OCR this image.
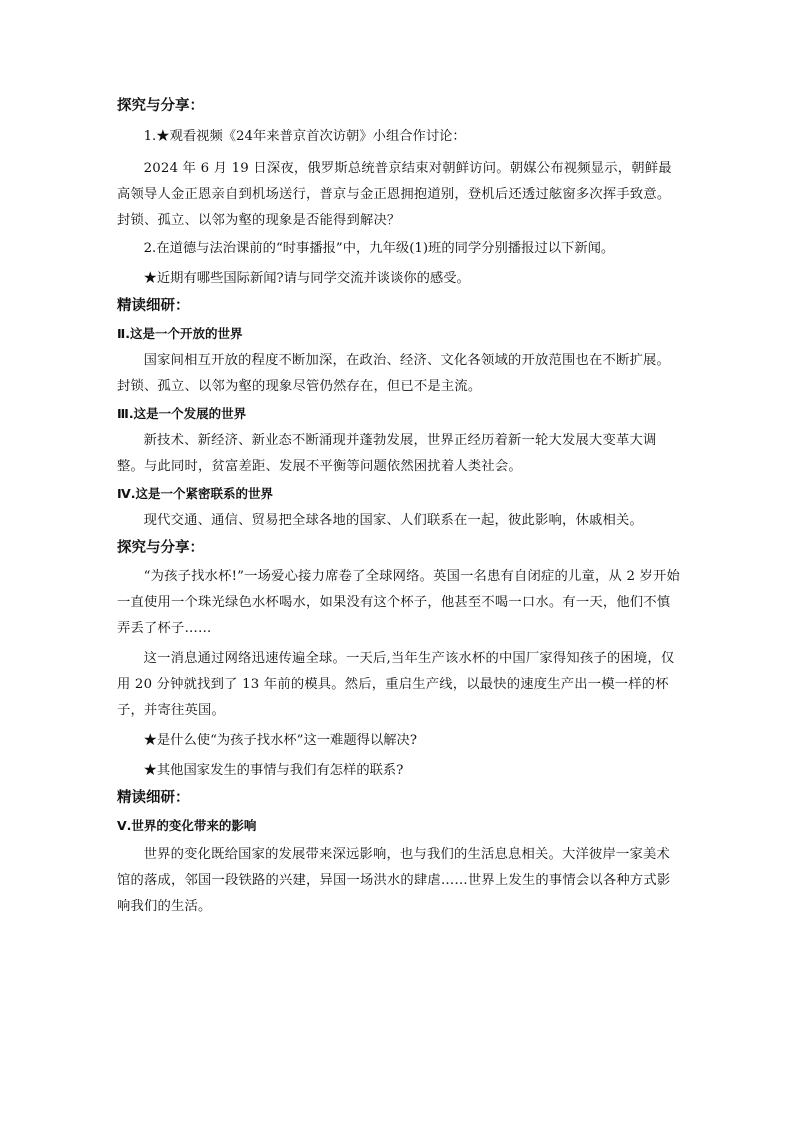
探究与分享：

1.★观看视频《24年来普京首次访朝》小组合作讨论：

2024 年 6 月 19 日深夜，俄罗斯总统普京结束对朝鲜访问。朝媒公布视频显示，朝鲜最高领导人金正恩亲自到机场送行，普京与金正恩拥抱道别，登机后还透过舷窗多次挥手致意。封锁、孤立、以邻为壑的现象是否能得到解决？

2.在道德与法治课前的“时事播报”中，九年级(1)班的同学分别播报过以下新闻。

★近期有哪些国际新闻?请与同学交流并谈谈你的感受。

精读细研：

Ⅱ.这是一个开放的世界

国家间相互开放的程度不断加深，在政治、经济、文化各领域的开放范围也在不断扩展。封锁、孤立、以邻为壑的现象尽管仍然存在，但已不是主流。

Ⅲ.这是一个发展的世界

新技术、新经济、新业态不断涌现并蓬勃发展，世界正经历着新一轮大发展大变革大调整。与此同时，贫富差距、发展不平衡等问题依然困扰着人类社会。

Ⅳ.这是一个紧密联系的世界

现代交通、通信、贸易把全球各地的国家、人们联系在一起，彼此影响，休戚相关。

探究与分享：

“为孩子找水杯!”一场爱心接力席卷了全球网络。英国一名患有自闭症的儿童，从 2 岁开始一直使用一个珠光绿色水杯喝水，如果没有这个杯子，他甚至不喝一口水。有一天，他们不慎弄丢了杯子……

这一消息通过网络迅速传遍全球。一天后,当年生产该水杯的中国厂家得知孩子的困境，仅用 20 分钟就找到了 13 年前的模具。然后，重启生产线，以最快的速度生产出一模一样的杯子，并寄往英国。

★是什么使“为孩子找水杯”这一难题得以解决?

★其他国家发生的事情与我们有怎样的联系?

精读细研：

Ⅴ.世界的变化带来的影响

世界的变化既给国家的发展带来深远影响，也与我们的生活息息相关。大洋彼岸一家美术馆的落成，邻国一段铁路的兴建，异国一场洪水的肆虐……世界上发生的事情会以各种方式影响我们的生活。
